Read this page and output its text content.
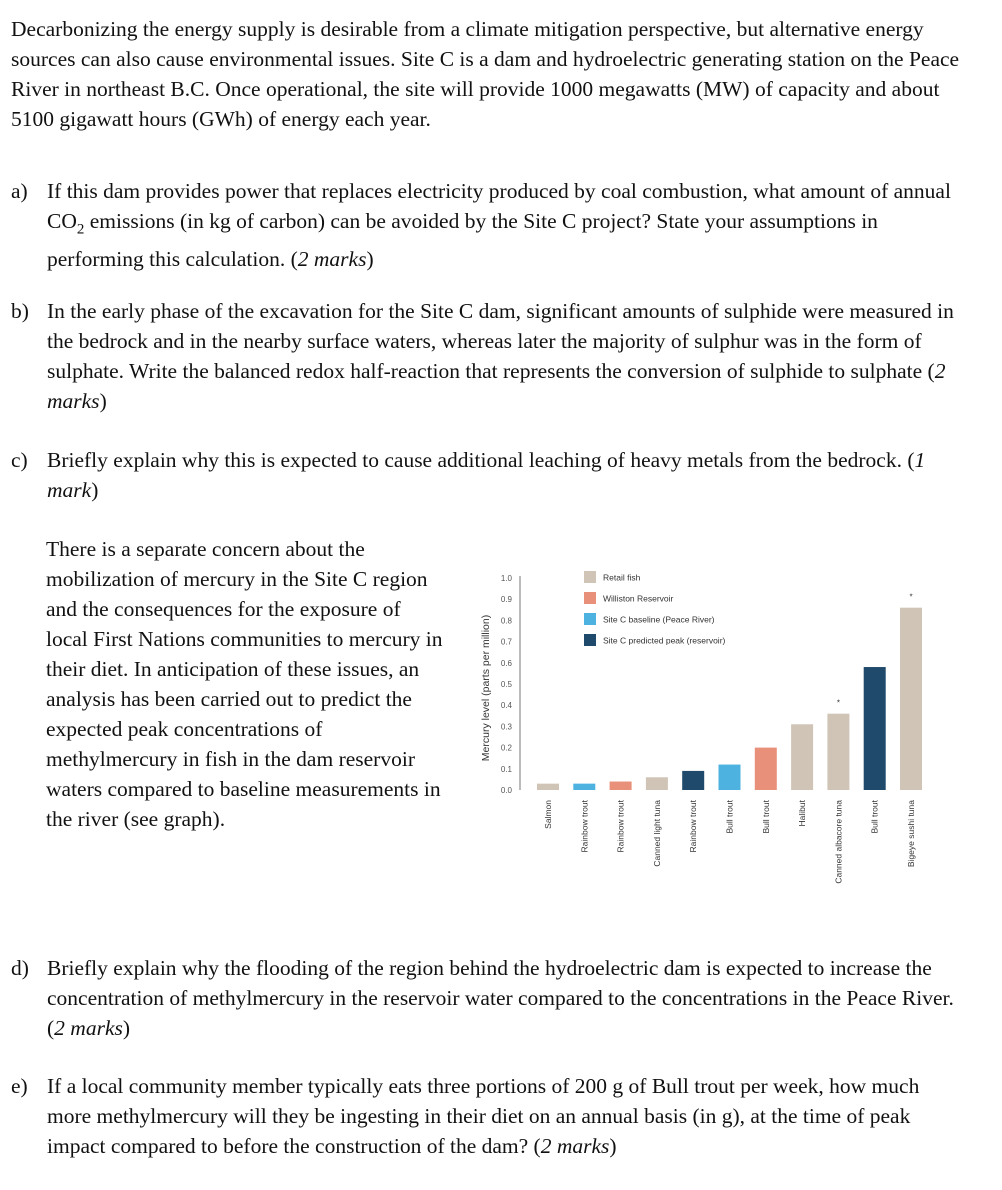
Decarbonizing the energy supply is desirable from a climate mitigation perspective, but alternative energy sources can also cause environmental issues. Site C is a dam and hydroelectric generating station on the Peace River in northeast B.C. Once operational, the site will provide 1000 megawatts (MW) of capacity and about 5100 gigawatt hours (GWh) of energy each year.

a) If this dam provides power that replaces electricity produced by coal combustion, what amount of annual $CO_2$ emissions (in kg of carbon) can be avoided by the Site C project? State your assumptions in performing this calculation. (2 marks)
b) In the early phase of the excavation for the Site C dam, significant amounts of sulphide were measured in the bedrock and in the nearby surface waters, whereas later the majority of sulphur was in the form of sulphate. Write the balanced redox half-reaction that represents the conversion of sulphide to sulphate (2 marks)
c) Briefly explain why this is expected to cause additional leaching of heavy metals from the bedrock. (1 mark)

There is a separate concern about the mobilization of mercury in the Site C region and the consequences for the exposure of local First Nations communities to mercury in their diet. In anticipation of these issues, an analysis has been carried out to predict the expected peak concentrations of methylmercury in fish in the dam reservoir waters compared to baseline measurements in the river (see graph).

0.0
0.1
0.2
0.3
0.4
0.5
0.6
0.7
0.8
0.9
1.0
Mercury level (parts per million)
Salmon	Rainbow trout	Rainbow trout	Canned light tuna	Rainbow trout	Bull trout	Bull trout	Halibut
*
Canned albacore tuna	Bull trout
*
Bigeye sushi tuna
Retail fish
Williston Reservoir
Site C baseline (Peace River)
Site C predicted peak (reservoir)
d) Briefly explain why the flooding of the region behind the hydroelectric dam is expected to increase the concentration of methylmercury in the reservoir water compared to the concentrations in the Peace River. (2 marks)
e) If a local community member typically eats three portions of 200 g of Bull trout per week, how much more methylmercury will they be ingesting in their diet on an annual basis (in g), at the time of peak impact compared to before the construction of the dam? (2 marks)
